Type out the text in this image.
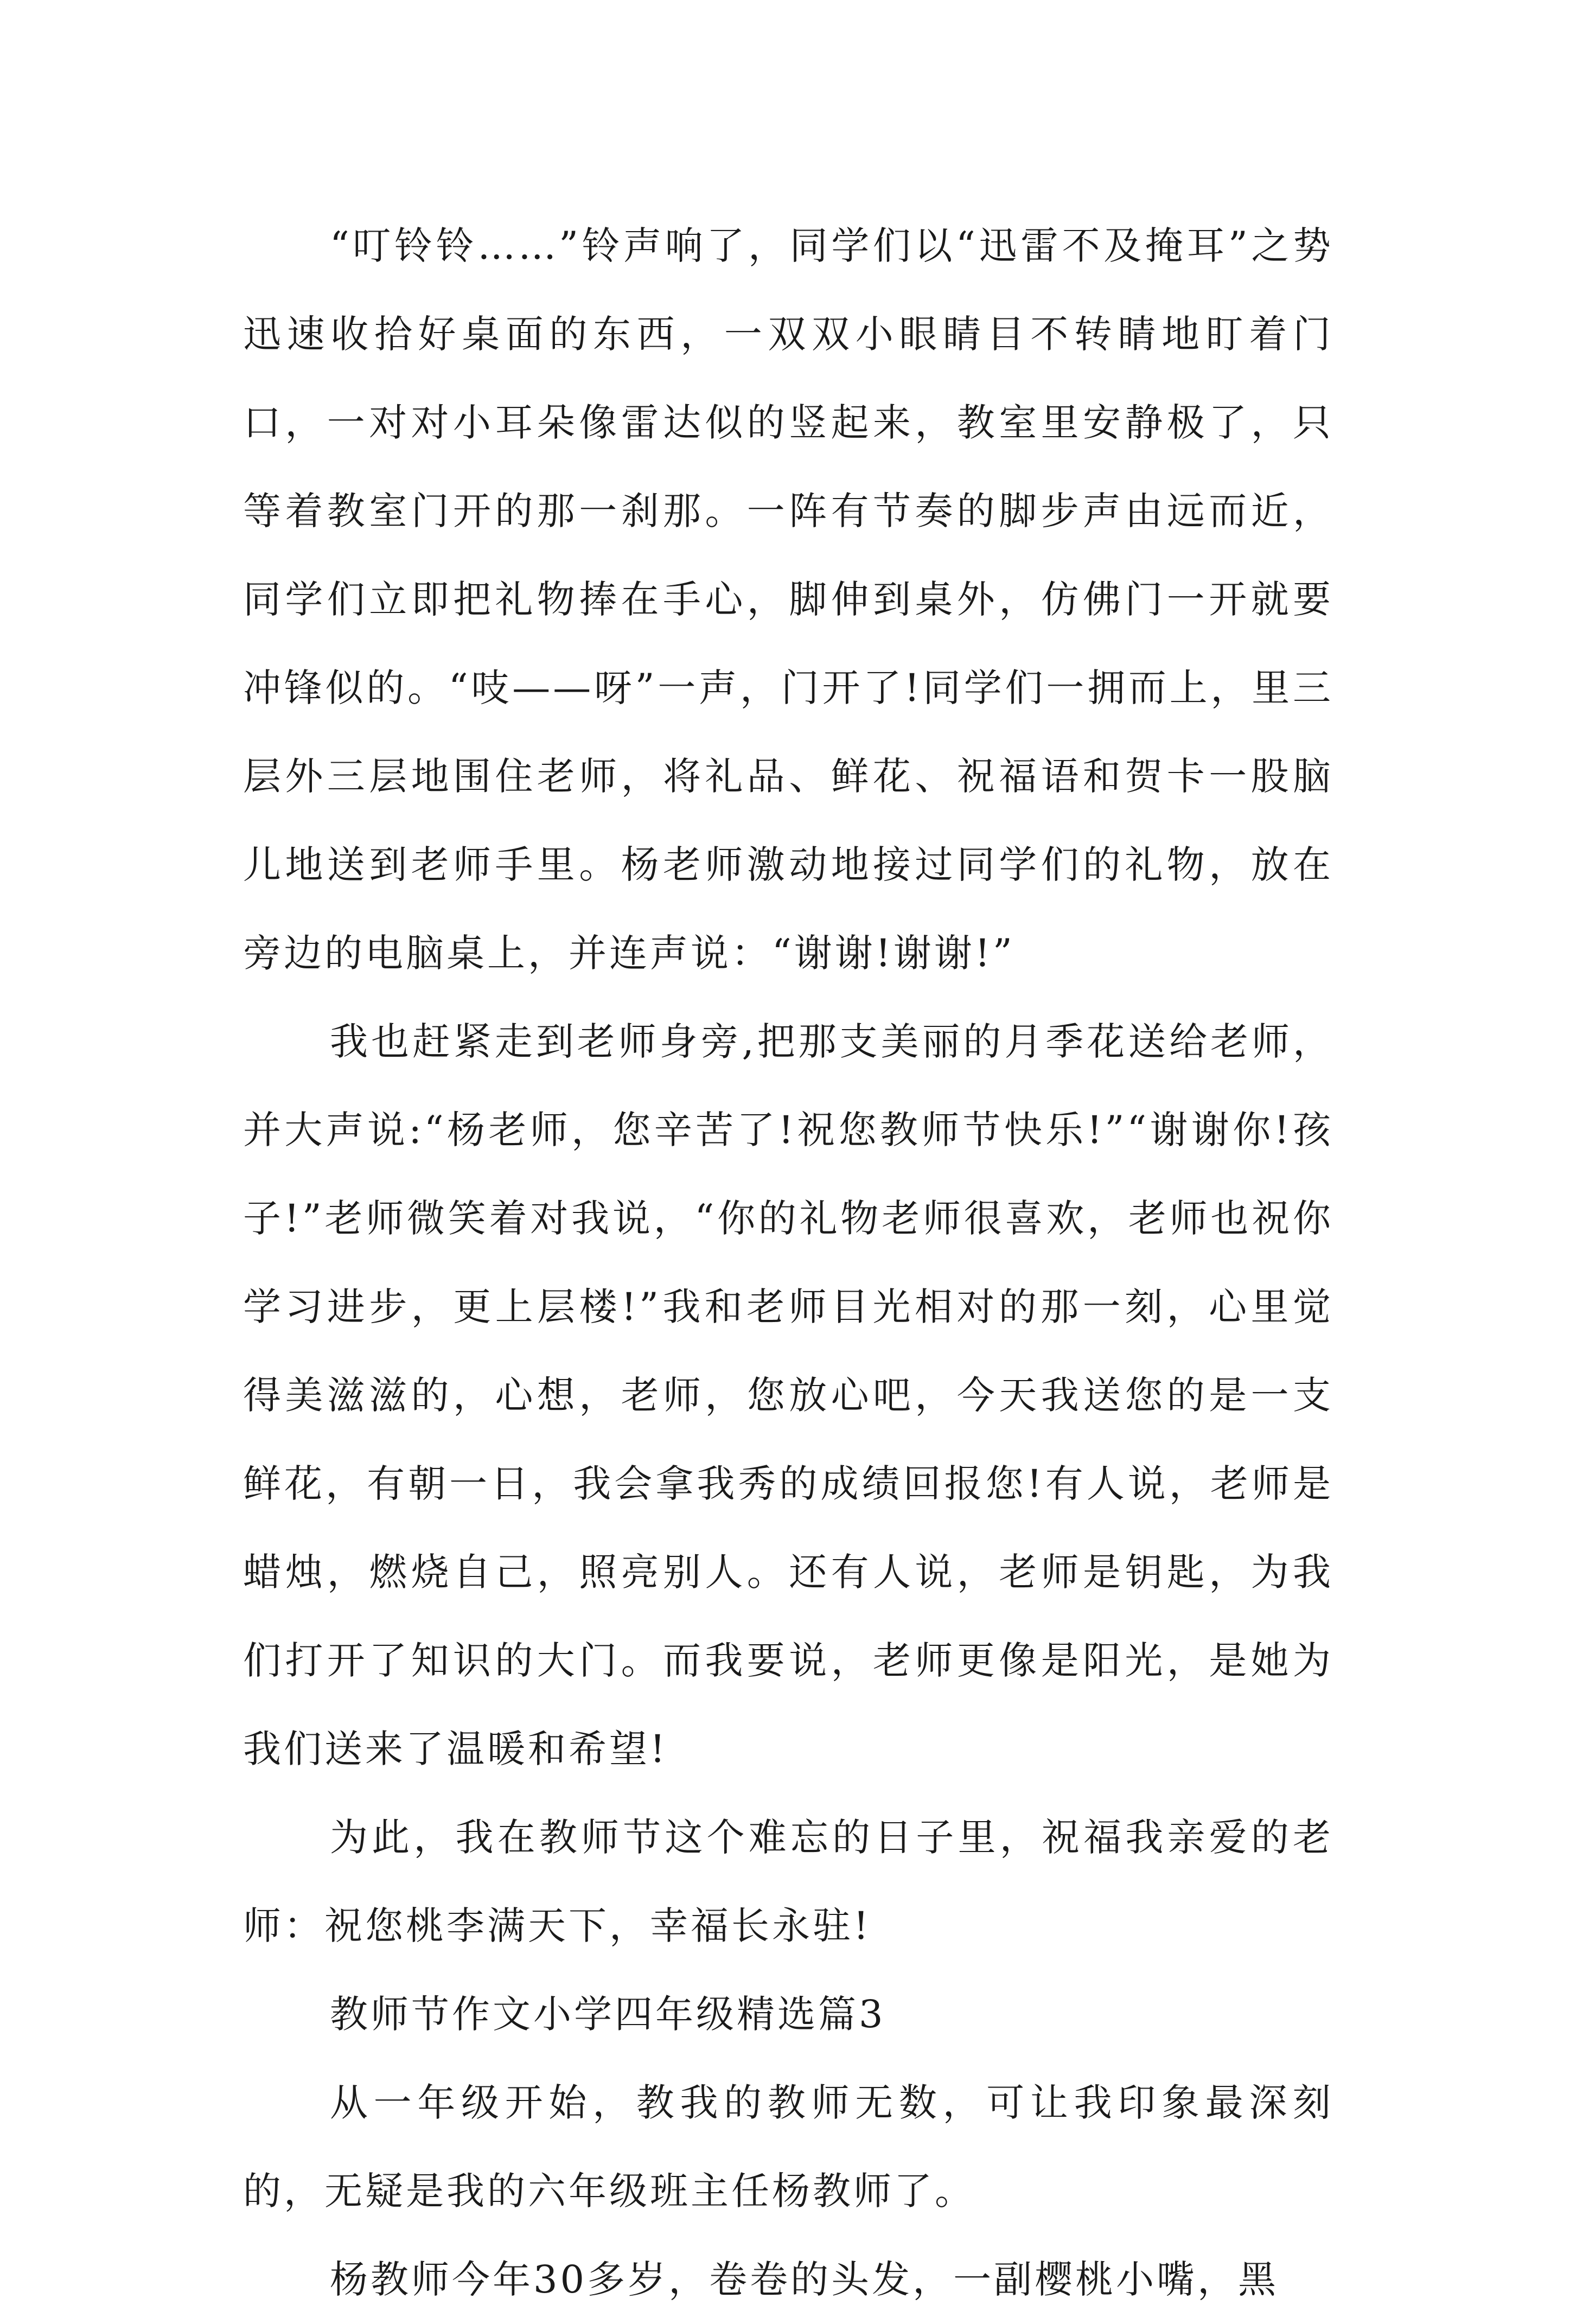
“叮铃铃……”铃声响了，同学们以“迅雷不及掩耳”之势迅速收拾好桌面的东西，一双双小眼睛目不转睛地盯着门口，一对对小耳朵像雷达似的竖起来，教室里安静极了，只等着教室门开的那一刹那。一阵有节奏的脚步声由远而近，同学们立即把礼物捧在手心，脚伸到桌外，仿佛门一开就要冲锋似的。“吱——呀”一声，门开了!同学们一拥而上，里三层外三层地围住老师，将礼品、鲜花、祝福语和贺卡一股脑儿地送到老师手里。杨老师激动地接过同学们的礼物，放在旁边的电脑桌上，并连声说：“谢谢!谢谢!”

我也赶紧走到老师身旁,把那支美丽的月季花送给老师，并大声说:“杨老师，您辛苦了!祝您教师节快乐!”“谢谢你!孩子!”老师微笑着对我说，“你的礼物老师很喜欢，老师也祝你学习进步，更上层楼!”我和老师目光相对的那一刻，心里觉得美滋滋的，心想，老师，您放心吧，今天我送您的是一支鲜花，有朝一日，我会拿我秀的成绩回报您!有人说，老师是蜡烛，燃烧自己，照亮别人。还有人说，老师是钥匙，为我们打开了知识的大门。而我要说，老师更像是阳光，是她为我们送来了温暖和希望!

为此，我在教师节这个难忘的日子里，祝福我亲爱的老师：祝您桃李满天下，幸福长永驻!

教师节作文小学四年级精选篇3

从一年级开始，教我的教师无数，可让我印象最深刻的，无疑是我的六年级班主任杨教师了。

杨教师今年30多岁，卷卷的头发，一副樱桃小嘴，黑
